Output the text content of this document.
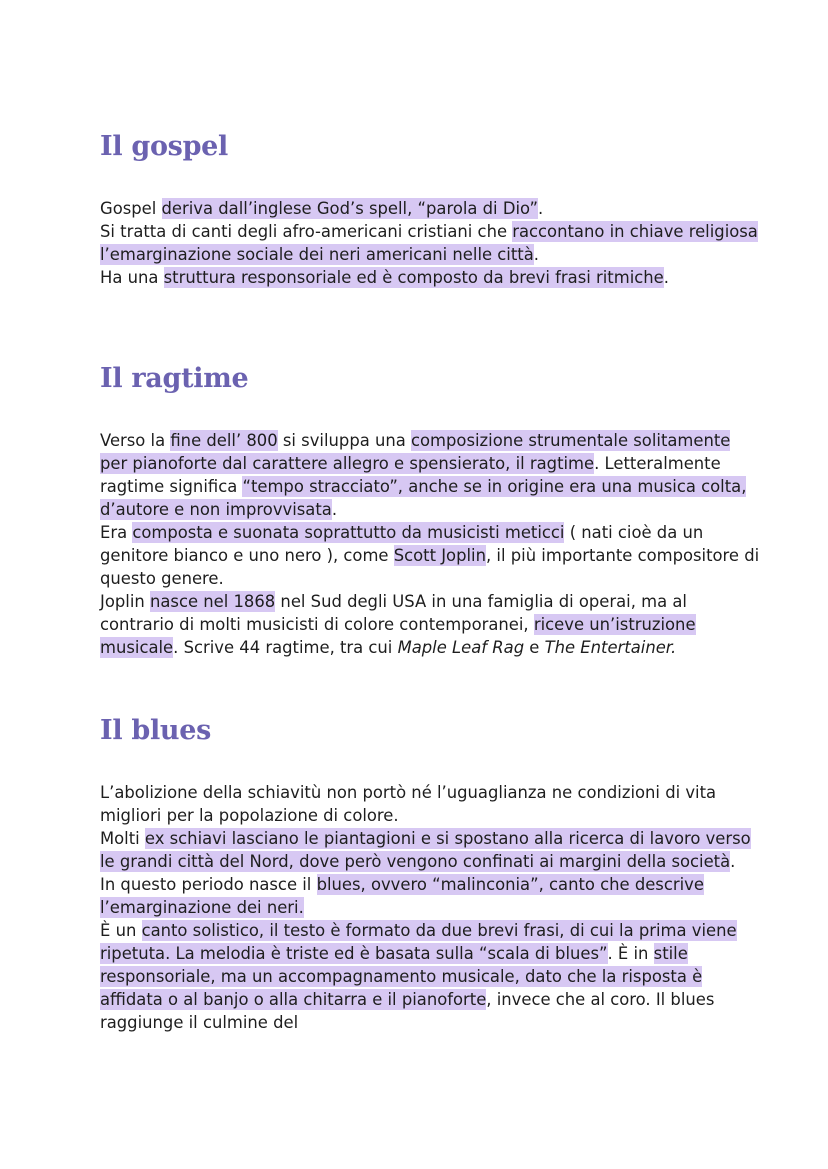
Il gospel

Gospel deriva dall’inglese God’s spell, “parola di Dio”.
Si tratta di canti degli afro-americani cristiani che raccontano in chiave religiosa l’emarginazione sociale dei neri americani nelle città.
Ha una struttura responsoriale ed è composto da brevi frasi ritmiche.

Il ragtime

Verso la fine dell’ 800 si sviluppa una composizione strumentale solitamente per pianoforte dal carattere allegro e spensierato, il ragtime. Letteralmente ragtime significa “tempo stracciato”, anche se in origine era una musica colta, d’autore e non improvvisata.
Era composta e suonata soprattutto da musicisti meticci ( nati cioè da un genitore bianco e uno nero ), come Scott Joplin, il più importante compositore di questo genere.
Joplin nasce nel 1868 nel Sud degli USA in una famiglia di operai, ma al contrario di molti musicisti di colore contemporanei, riceve un’istruzione musicale. Scrive 44 ragtime, tra cui Maple Leaf Rag e The Entertainer.

Il blues

L’abolizione della schiavitù non portò né l’uguaglianza ne condizioni di vita migliori per la popolazione di colore.
Molti ex schiavi lasciano le piantagioni e si spostano alla ricerca di lavoro verso le grandi città del Nord, dove però vengono confinati ai margini della società.
In questo periodo nasce il blues, ovvero “malinconia”, canto che descrive l’emarginazione dei neri.
È un canto solistico, il testo è formato da due brevi frasi, di cui la prima viene ripetuta. La melodia è triste ed è basata sulla “scala di blues”. È in stile responsoriale, ma un accompagnamento musicale, dato che la risposta è affidata o al banjo o alla chitarra e il pianoforte, invece che al coro. Il blues raggiunge il culmine del
